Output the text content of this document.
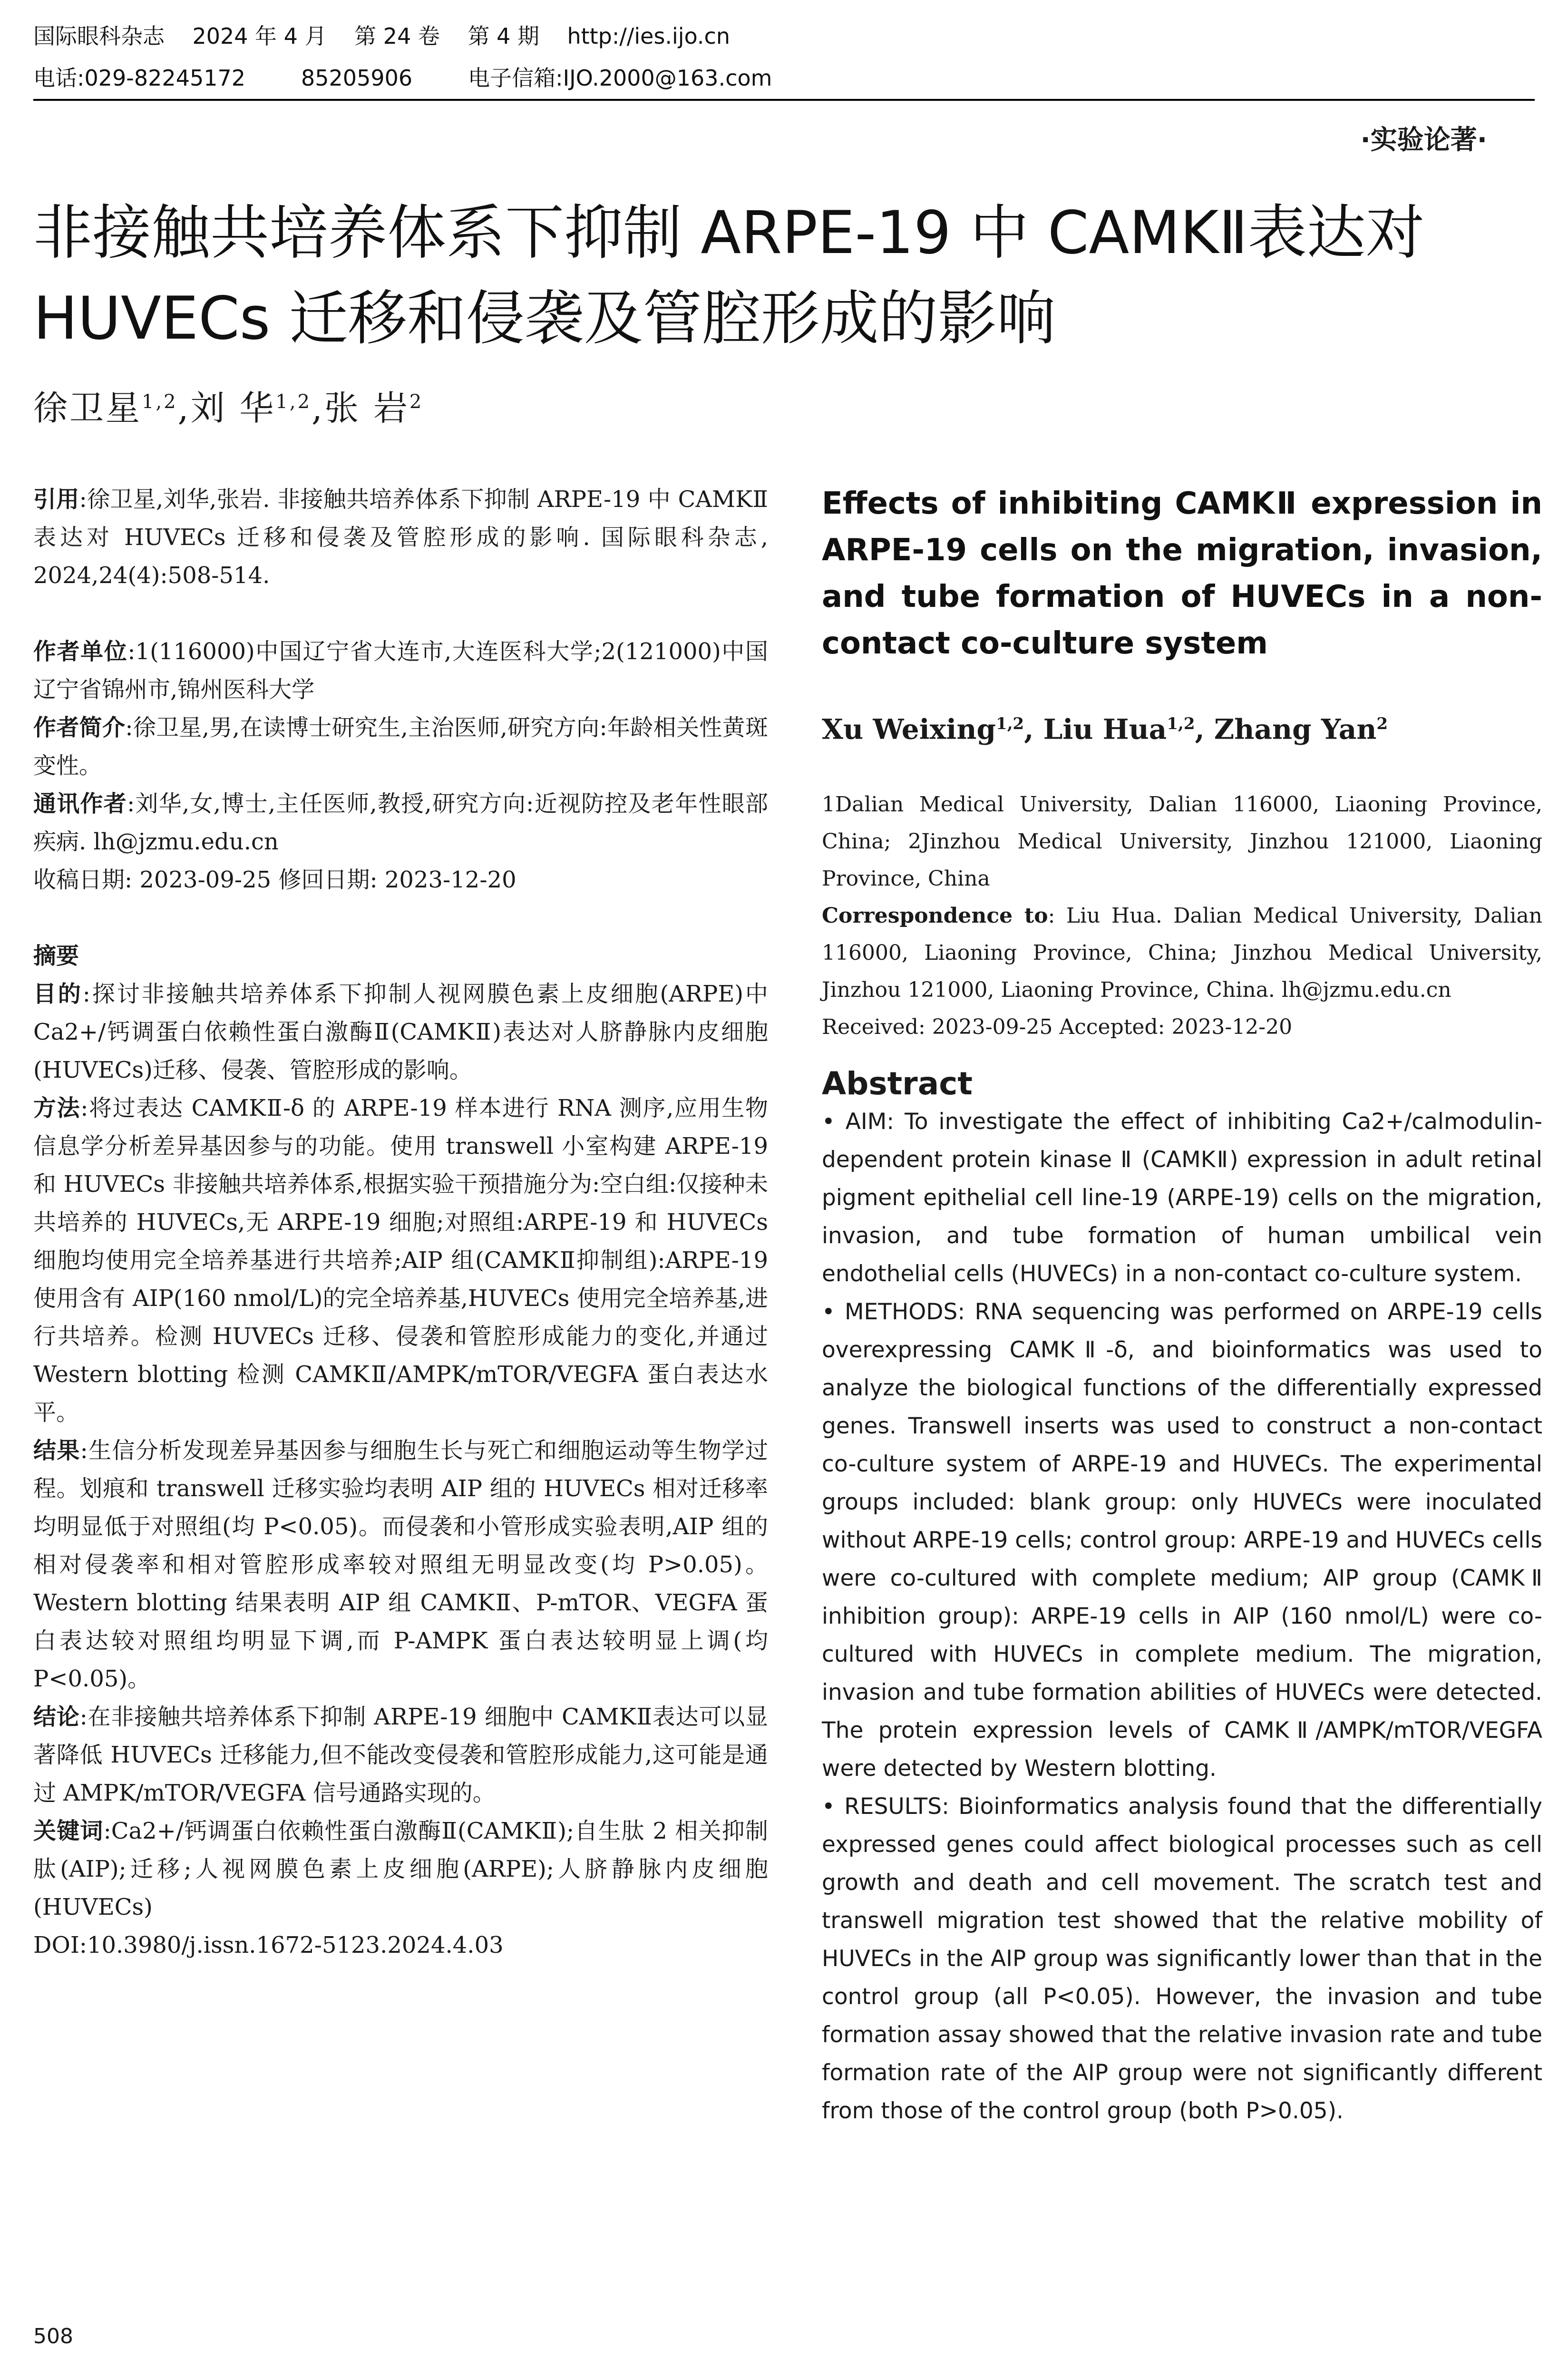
国际眼科杂志    2024 年 4 月    第 24 卷    第 4 期    http://ies.ijo.cn
电话:029-82245172        85205906        电子信箱:IJO.2000@163.com
·实验论著·
非接触共培养体系下抑制 ARPE-19 中 CAMKⅡ表达对 HUVECs 迁移和侵袭及管腔形成的影响
徐卫星$^{1,2}$,刘 华$^{1,2}$,张 岩$^2$

引用:徐卫星,刘华,张岩. 非接触共培养体系下抑制 ARPE-19 中 CAMKⅡ表达对 HUVECs 迁移和侵袭及管腔形成的影响. 国际眼科杂志, 2024,24(4):508-514.

作者单位:1(116000)中国辽宁省大连市,大连医科大学;2(121000)中国辽宁省锦州市,锦州医科大学

作者简介:徐卫星,男,在读博士研究生,主治医师,研究方向:年龄相关性黄斑变性。

通讯作者:刘华,女,博士,主任医师,教授,研究方向:近视防控及老年性眼部疾病. lh@jzmu.edu.cn

收稿日期: 2023-09-25 修回日期: 2023-12-20

摘要

目的:探讨非接触共培养体系下抑制人视网膜色素上皮细胞(ARPE)中 Ca2+/钙调蛋白依赖性蛋白激酶Ⅱ(CAMKⅡ)表达对人脐静脉内皮细胞(HUVECs)迁移、侵袭、管腔形成的影响。

方法:将过表达 CAMKⅡ-δ 的 ARPE-19 样本进行 RNA 测序,应用生物信息学分析差异基因参与的功能。使用 transwell 小室构建 ARPE-19 和 HUVECs 非接触共培养体系,根据实验干预措施分为:空白组:仅接种未共培养的 HUVECs,无 ARPE-19 细胞;对照组:ARPE-19 和 HUVECs 细胞均使用完全培养基进行共培养;AIP 组(CAMKⅡ抑制组):ARPE-19 使用含有 AIP(160 nmol/L)的完全培养基,HUVECs 使用完全培养基,进行共培养。检测 HUVECs 迁移、侵袭和管腔形成能力的变化,并通过 Western blotting 检测 CAMKⅡ/AMPK/mTOR/VEGFA 蛋白表达水平。

结果:生信分析发现差异基因参与细胞生长与死亡和细胞运动等生物学过程。划痕和 transwell 迁移实验均表明 AIP 组的 HUVECs 相对迁移率均明显低于对照组(均 P<0.05)。而侵袭和小管形成实验表明,AIP 组的相对侵袭率和相对管腔形成率较对照组无明显改变(均 P>0.05)。Western blotting 结果表明 AIP 组 CAMKⅡ、P-mTOR、VEGFA 蛋白表达较对照组均明显下调,而 P-AMPK 蛋白表达较明显上调(均 P<0.05)。

结论:在非接触共培养体系下抑制 ARPE-19 细胞中 CAMKⅡ表达可以显著降低 HUVECs 迁移能力,但不能改变侵袭和管腔形成能力,这可能是通过 AMPK/mTOR/VEGFA 信号通路实现的。

关键词:Ca2+/钙调蛋白依赖性蛋白激酶Ⅱ(CAMKⅡ);自生肽 2 相关抑制肽(AIP);迁移;人视网膜色素上皮细胞(ARPE);人脐静脉内皮细胞(HUVECs)

DOI:10.3980/j.issn.1672-5123.2024.4.03

Effects of inhibiting CAMKⅡ expression in ARPE-19 cells on the migration, invasion, and tube formation of HUVECs in a non-contact co-culture system

Xu Weixing$^{1,2}$, Liu Hua$^{1,2}$, Zhang Yan$^2$

1Dalian Medical University, Dalian 116000, Liaoning Province, China; 2Jinzhou Medical University, Jinzhou 121000, Liaoning Province, China

Correspondence to: Liu Hua. Dalian Medical University, Dalian 116000, Liaoning Province, China; Jinzhou Medical University, Jinzhou 121000, Liaoning Province, China. lh@jzmu.edu.cn

Received: 2023-09-25 Accepted: 2023-12-20

Abstract

• AIM: To investigate the effect of inhibiting Ca2+/calmodulin-dependent protein kinase Ⅱ (CAMKⅡ) expression in adult retinal pigment epithelial cell line-19 (ARPE-19) cells on the migration, invasion, and tube formation of human umbilical vein endothelial cells (HUVECs) in a non-contact co-culture system.

• METHODS: RNA sequencing was performed on ARPE-19 cells overexpressing CAMKⅡ-δ, and bioinformatics was used to analyze the biological functions of the differentially expressed genes. Transwell inserts was used to construct a non-contact co-culture system of ARPE-19 and HUVECs. The experimental groups included: blank group: only HUVECs were inoculated without ARPE-19 cells; control group: ARPE-19 and HUVECs cells were co-cultured with complete medium; AIP group (CAMKⅡ inhibition group): ARPE-19 cells in AIP (160 nmol/L) were co-cultured with HUVECs in complete medium. The migration, invasion and tube formation abilities of HUVECs were detected. The protein expression levels of CAMKⅡ/AMPK/mTOR/VEGFA were detected by Western blotting.

• RESULTS: Bioinformatics analysis found that the differentially expressed genes could affect biological processes such as cell growth and death and cell movement. The scratch test and transwell migration test showed that the relative mobility of HUVECs in the AIP group was significantly lower than that in the control group (all P<0.05). However, the invasion and tube formation assay showed that the relative invasion rate and tube formation rate of the AIP group were not significantly different from those of the control group (both P>0.05).

508
